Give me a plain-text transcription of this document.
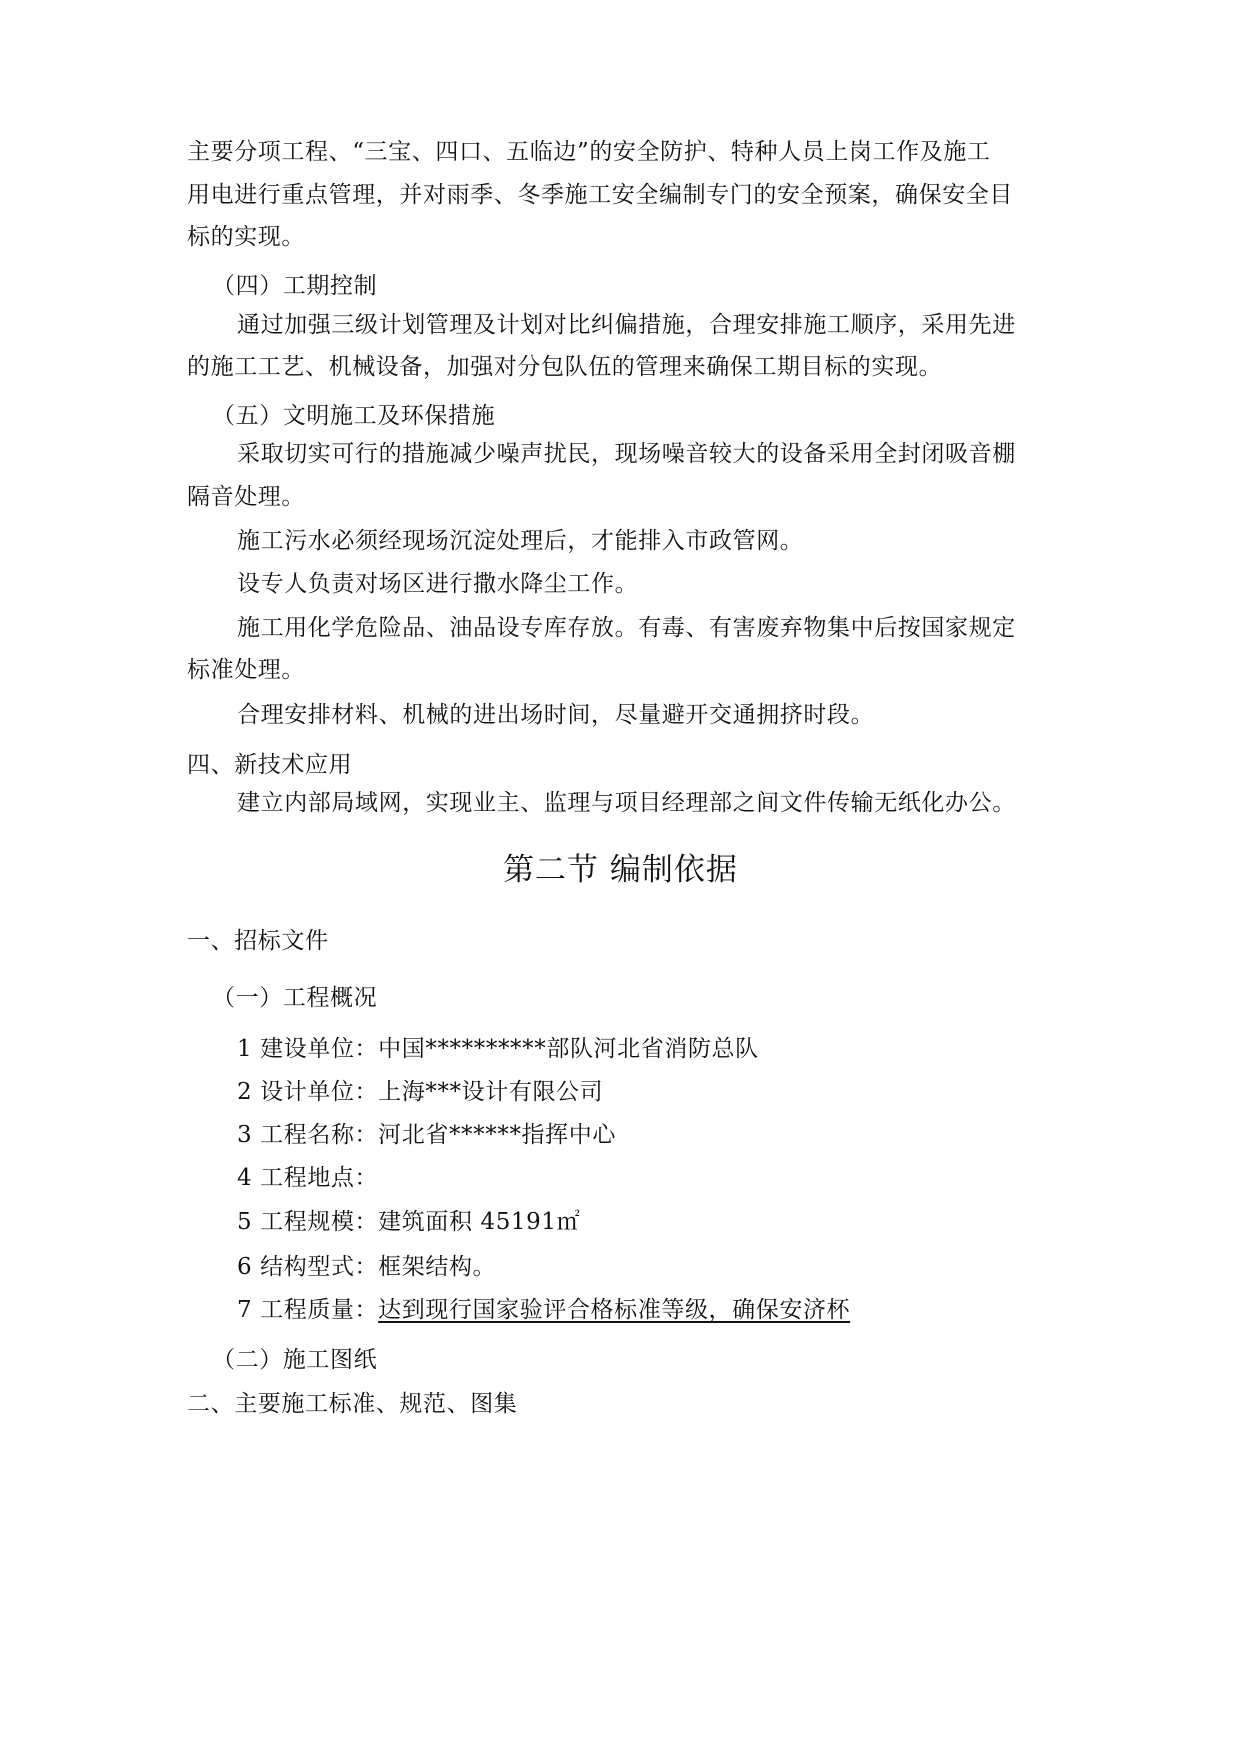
主要分项工程、“三宝、四口、五临边”的安全防护、特种人员上岗工作及施工
用电进行重点管理，并对雨季、冬季施工安全编制专门的安全预案，确保安全目
标的实现。
（四）工期控制
通过加强三级计划管理及计划对比纠偏措施，合理安排施工顺序，采用先进
的施工工艺、机械设备，加强对分包队伍的管理来确保工期目标的实现。
（五）文明施工及环保措施
采取切实可行的措施减少噪声扰民，现场噪音较大的设备采用全封闭吸音棚
隔音处理。
施工污水必须经现场沉淀处理后，才能排入市政管网。
设专人负责对场区进行撒水降尘工作。
施工用化学危险品、油品设专库存放。有毒、有害废弃物集中后按国家规定
标准处理。
合理安排材料、机械的进出场时间，尽量避开交通拥挤时段。
四、新技术应用
建立内部局域网，实现业主、监理与项目经理部之间文件传输无纸化办公。
第二节 编制依据
一、招标文件
（一）工程概况
1 建设单位：中国**********部队河北省消防总队
2 设计单位：上海***设计有限公司
3 工程名称：河北省******指挥中心
4 工程地点：
5 工程规模：建筑面积 45191㎡
6 结构型式：框架结构。
7 工程质量：达到现行国家验评合格标准等级，确保安济杯
（二）施工图纸
二、主要施工标准、规范、图集
